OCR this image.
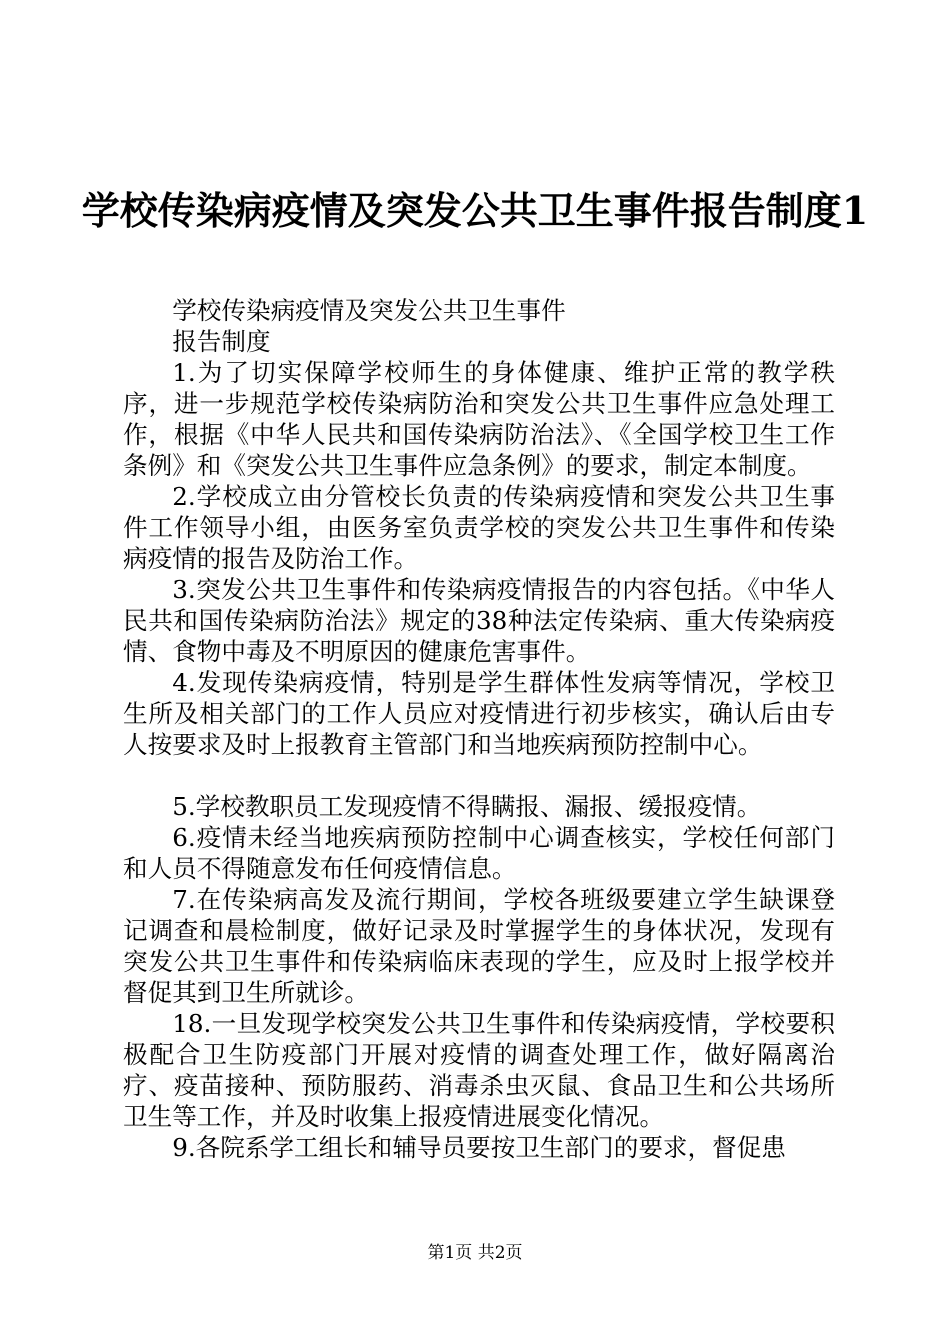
学校传染病疫情及突发公共卫生事件报告制度1

学校传染病疫情及突发公共卫生事件

报告制度

1.为了切实保障学校师生的身体健康、维护正常的教学秩序，进一步规范学校传染病防治和突发公共卫生事件应急处理工作，根据《中华人民共和国传染病防治法》、《全国学校卫生工作条例》和《突发公共卫生事件应急条例》的要求，制定本制度。

2.学校成立由分管校长负责的传染病疫情和突发公共卫生事件工作领导小组，由医务室负责学校的突发公共卫生事件和传染病疫情的报告及防治工作。

3.突发公共卫生事件和传染病疫情报告的内容包括。《中华人民共和国传染病防治法》规定的38种法定传染病、重大传染病疫情、食物中毒及不明原因的健康危害事件。

4.发现传染病疫情，特别是学生群体性发病等情况，学校卫生所及相关部门的工作人员应对疫情进行初步核实，确认后由专人按要求及时上报教育主管部门和当地疾病预防控制中心。

5.学校教职员工发现疫情不得瞒报、漏报、缓报疫情。

6.疫情未经当地疾病预防控制中心调查核实，学校任何部门和人员不得随意发布任何疫情信息。

7.在传染病高发及流行期间，学校各班级要建立学生缺课登记调查和晨检制度，做好记录及时掌握学生的身体状况，发现有突发公共卫生事件和传染病临床表现的学生，应及时上报学校并督促其到卫生所就诊。

18.一旦发现学校突发公共卫生事件和传染病疫情，学校要积极配合卫生防疫部门开展对疫情的调查处理工作，做好隔离治疗、疫苗接种、预防服药、消毒杀虫灭鼠、食品卫生和公共场所卫生等工作，并及时收集上报疫情进展变化情况。

9.各院系学工组长和辅导员要按卫生部门的要求，督促患

第1页 共2页
